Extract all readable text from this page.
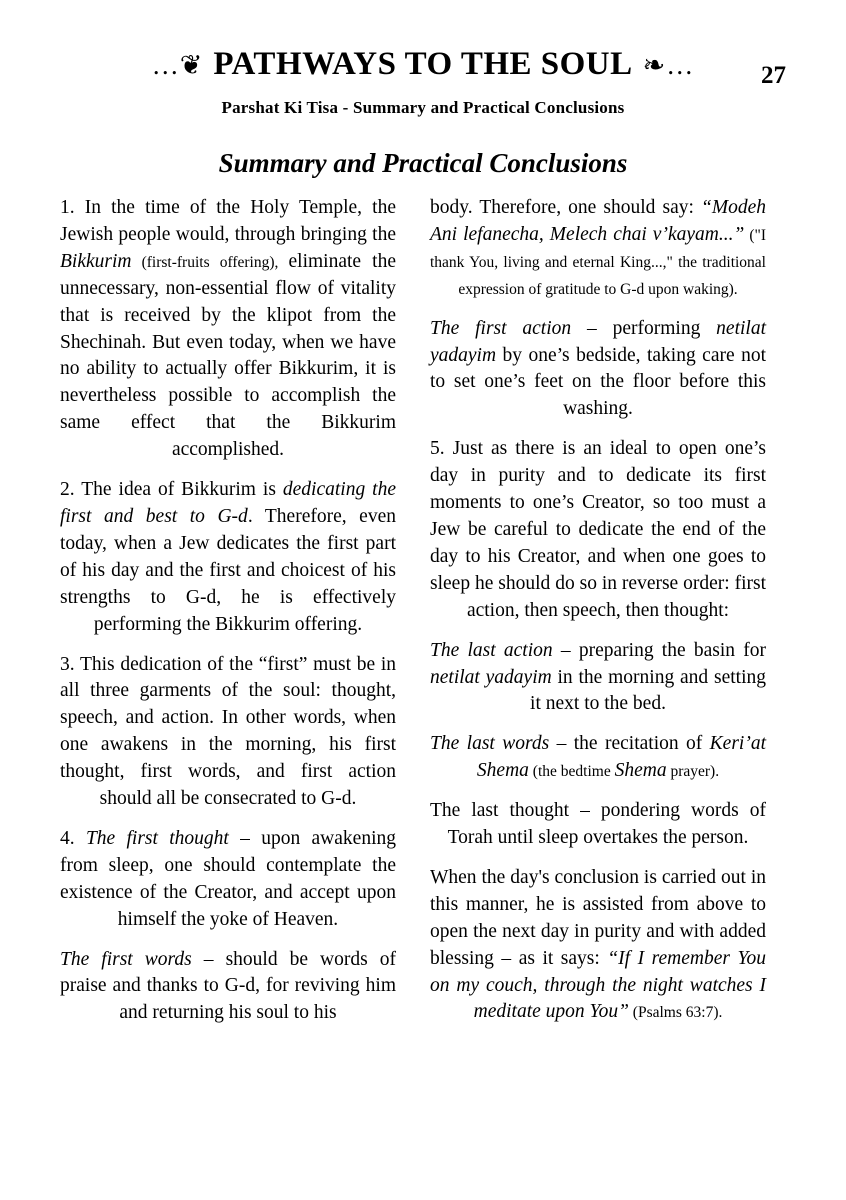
…❦ PATHWAYS TO THE SOUL ❧…	27
Parshat Ki Tisa - Summary and Practical Conclusions
Summary and Practical Conclusions

1. In the time of the Holy Temple, the Jewish people would, through bringing the Bikkurim (first-fruits offering), eliminate the unnecessary, non-essential flow of vitality that is received by the klipot from the Shechinah. But even today, when we have no ability to actually offer Bikkurim, it is nevertheless possible to accomplish the same effect that the Bikkurim accomplished.

2. The idea of Bikkurim is dedicating the first and best to G-d. Therefore, even today, when a Jew dedicates the first part of his day and the first and choicest of his strengths to G-d, he is effectively performing the Bikkurim offering.

3. This dedication of the “first” must be in all three garments of the soul: thought, speech, and action. In other words, when one awakens in the morning, his first thought, first words, and first action should all be consecrated to G-d.

4. The first thought – upon awakening from sleep, one should contemplate the existence of the Creator, and accept upon himself the yoke of Heaven.

The first words – should be words of praise and thanks to G-d, for reviving him and returning his soul to his

body. Therefore, one should say: “Modeh Ani lefanecha, Melech chai v’kayam...” ("I thank You, living and eternal King...," the traditional expression of gratitude to G-d upon waking).

The first action – performing netilat yadayim by one’s bedside, taking care not to set one’s feet on the floor before this washing.

5. Just as there is an ideal to open one’s day in purity and to dedicate its first moments to one’s Creator, so too must a Jew be careful to dedicate the end of the day to his Creator, and when one goes to sleep he should do so in reverse order: first action, then speech, then thought:

The last action – preparing the basin for netilat yadayim in the morning and setting it next to the bed.

The last words – the recitation of Keri’at Shema (the bedtime Shema prayer).

The last thought – pondering words of Torah until sleep overtakes the person.

When the day's conclusion is carried out in this manner, he is assisted from above to open the next day in purity and with added blessing – as it says: “If I remember You on my couch, through the night watches I meditate upon You” (Psalms 63:7).
